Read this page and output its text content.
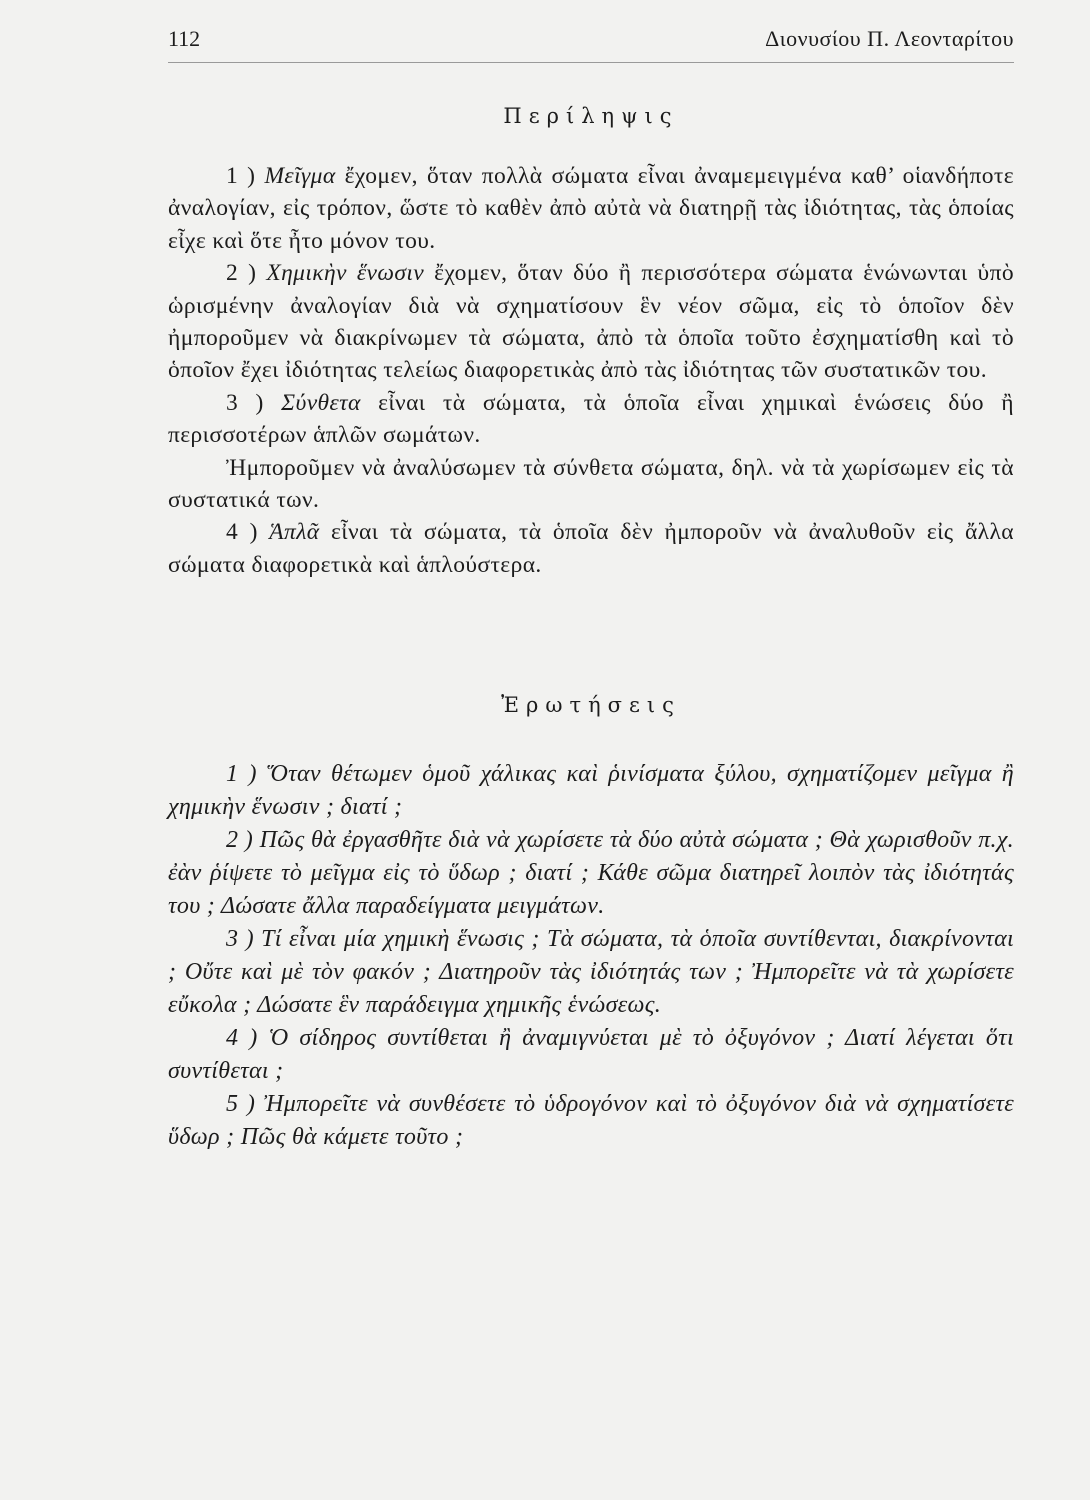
112	Διονυσίου Π. Λεονταρίτου
Περίληψις

1 ) Μεῖγμα ἔχομεν, ὅταν πολλὰ σώματα εἶναι ἀναμεμειγμένα καθ’ οἱανδήποτε ἀναλογίαν, εἰς τρόπον, ὥστε τὸ καθὲν ἀπὸ αὐτὰ νὰ διατηρῇ τὰς ἰδιότητας, τὰς ὁποίας εἶχε καὶ ὅτε ἦτο μόνον του.

2 ) Χημικὴν ἕνωσιν ἔχομεν, ὅταν δύο ἢ περισσότερα σώματα ἑνώνωνται ὑπὸ ὡρισμένην ἀναλογίαν διὰ νὰ σχηματίσουν ἓν νέον σῶμα, εἰς τὸ ὁποῖον δὲν ἠμποροῦμεν νὰ διακρίνωμεν τὰ σώματα, ἀπὸ τὰ ὁποῖα τοῦτο ἐσχηματίσθη καὶ τὸ ὁποῖον ἔχει ἰδιότητας τελείως διαφορετικὰς ἀπὸ τὰς ἰδιότητας τῶν συστατικῶν του.

3 ) Σύνθετα εἶναι τὰ σώματα, τὰ ὁποῖα εἶναι χημικαὶ ἑνώσεις δύο ἢ περισσοτέρων ἁπλῶν σωμάτων.

Ἠμποροῦμεν νὰ ἀναλύσωμεν τὰ σύνθετα σώματα, δηλ. νὰ τὰ χωρίσωμεν εἰς τὰ συστατικά των.

4 ) Ἁπλᾶ εἶναι τὰ σώματα, τὰ ὁποῖα δὲν ἠμποροῦν νὰ ἀναλυθοῦν εἰς ἄλλα σώματα διαφορετικὰ καὶ ἁπλούστερα.

Ἐρωτήσεις

1 ) Ὅταν θέτωμεν ὁμοῦ χάλικας καὶ ῥινίσματα ξύλου, σχηματίζομεν μεῖγμα ἢ χημικὴν ἕνωσιν ; διατί ;

2 ) Πῶς θὰ ἐργασθῆτε διὰ νὰ χωρίσετε τὰ δύο αὐτὰ σώματα ; Θὰ χωρισθοῦν π.χ. ἐὰν ῥίψετε τὸ μεῖγμα εἰς τὸ ὕδωρ ; διατί ; Κάθε σῶμα διατηρεῖ λοιπὸν τὰς ἰδιότητάς του ; Δώσατε ἄλλα παραδείγματα μειγμάτων.

3 ) Τί εἶναι μία χημικὴ ἕνωσις ; Τὰ σώματα, τὰ ὁποῖα συντίθενται, διακρίνονται ; Οὔτε καὶ μὲ τὸν φακόν ; Διατηροῦν τὰς ἰδιότητάς των ; Ἠμπορεῖτε νὰ τὰ χωρίσετε εὔκολα ; Δώσατε ἓν παράδειγμα χημικῆς ἑνώσεως.

4 ) Ὁ σίδηρος συντίθεται ἢ ἀναμιγνύεται μὲ τὸ ὀξυγόνον ; Διατί λέγεται ὅτι συντίθεται ;

5 ) Ἠμπορεῖτε νὰ συνθέσετε τὸ ὑδρογόνον καὶ τὸ ὀξυγόνον διὰ νὰ σχηματίσετε ὕδωρ ; Πῶς θὰ κάμετε τοῦτο ;
